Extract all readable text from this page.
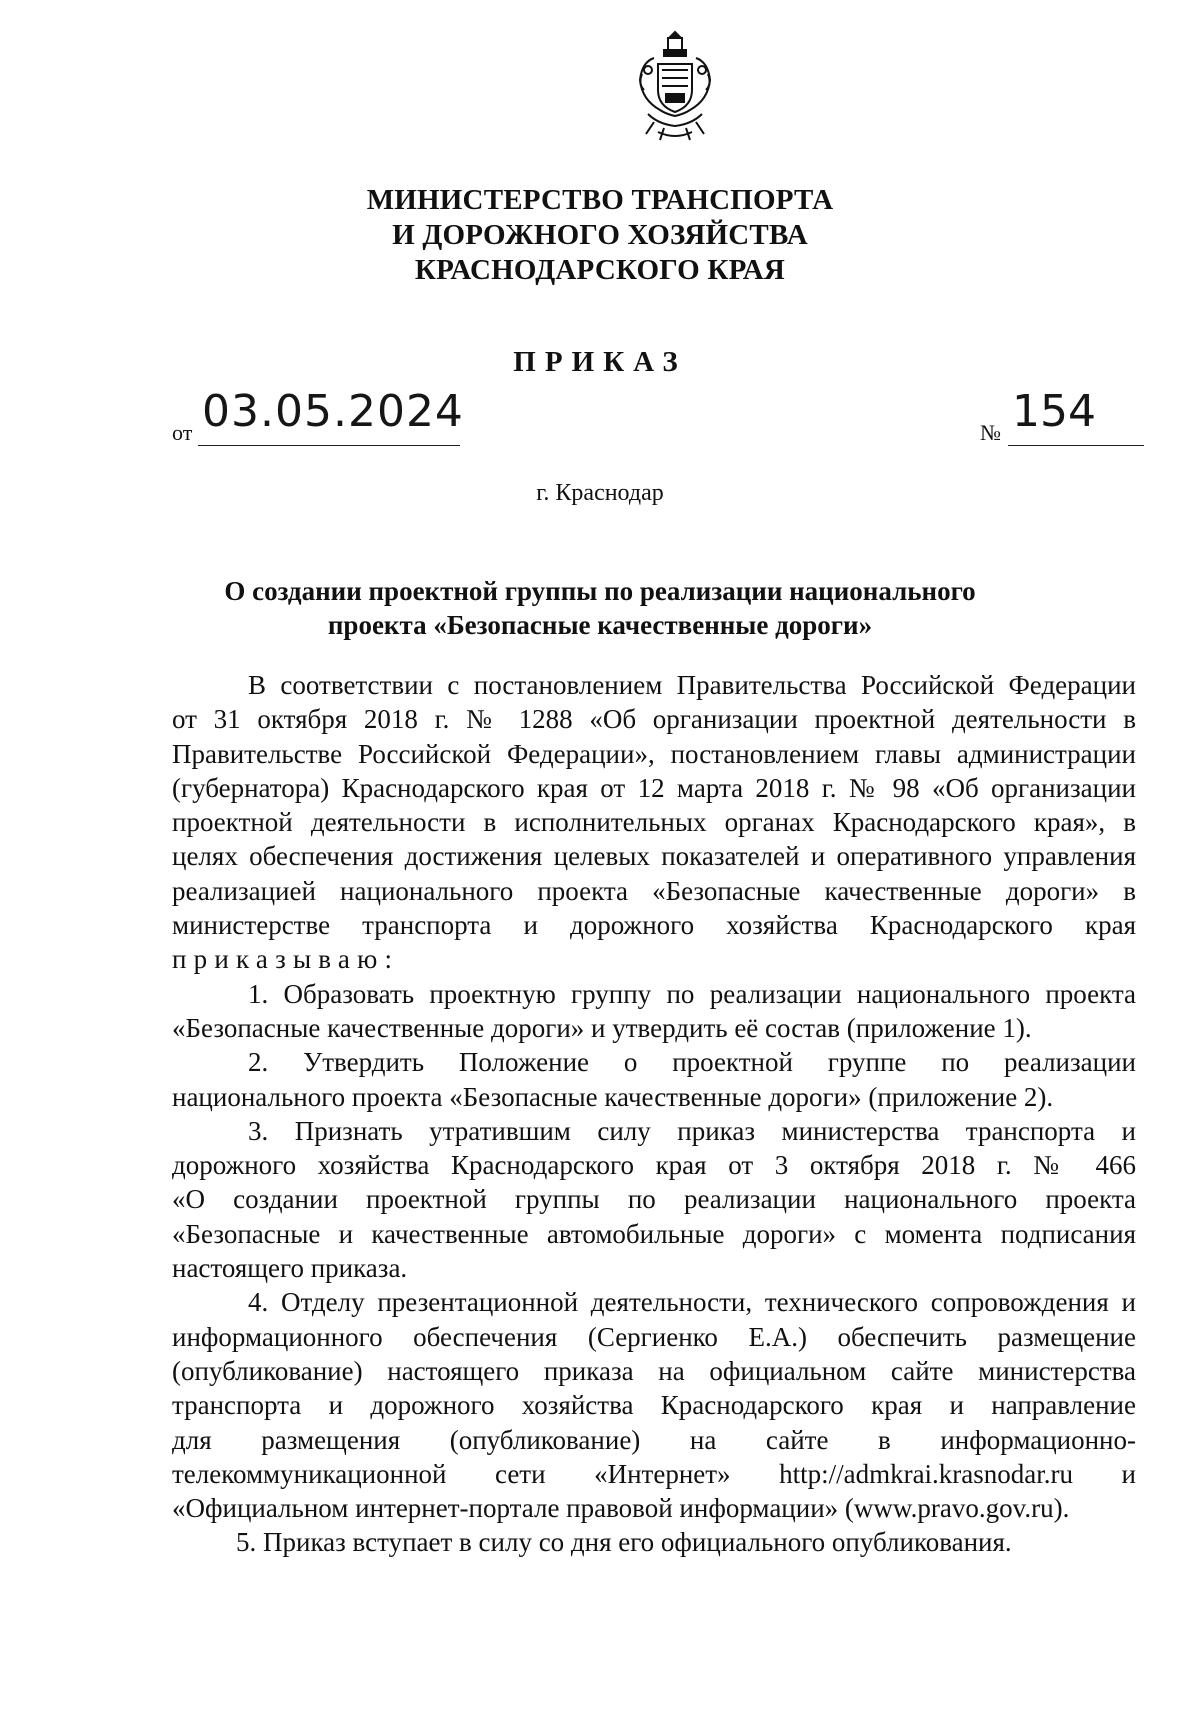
МИНИСТЕРСТВО ТРАНСПОРТА
И ДОРОЖНОГО ХОЗЯЙСТВА
КРАСНОДАРСКОГО КРАЯ
ПРИКАЗ
от 03.05.2024	№ 154
г. Краснодар
О создании проектной группы по реализации национального
проекта «Безопасные качественные дороги»
В соответствии с постановлением Правительства Российской Федерации
от 31 октября 2018 г. № 1288 «Об организации проектной деятельности в
Правительстве Российской Федерации», постановлением главы администрации
(губернатора) Краснодарского края от 12 марта 2018 г. № 98 «Об организации
проектной деятельности в исполнительных органах Краснодарского края», в
целях обеспечения достижения целевых показателей и оперативного управления
реализацией национального проекта «Безопасные качественные дороги» в
министерстве транспорта и дорожного хозяйства Краснодарского края
приказываю:
1. Образовать проектную группу по реализации национального проекта
«Безопасные качественные дороги» и утвердить её состав (приложение 1).
2. Утвердить Положение о проектной группе по реализации
национального проекта «Безопасные качественные дороги» (приложение 2).
3. Признать утратившим силу приказ министерства транспорта и
дорожного хозяйства Краснодарского края от 3 октября 2018 г. № 466
«О создании проектной группы по реализации национального проекта
«Безопасные и качественные автомобильные дороги» с момента подписания
настоящего приказа.
4. Отделу презентационной деятельности, технического сопровождения и
информационного обеспечения (Сергиенко Е.А.) обеспечить размещение
(опубликование) настоящего приказа на официальном сайте министерства
транспорта и дорожного хозяйства Краснодарского края и направление
для размещения (опубликование) на сайте в информационно-
телекоммуникационной сети «Интернет» http://admkrai.krasnodar.ru и
«Официальном интернет-портале правовой информации» (www.pravo.gov.ru).
5. Приказ вступает в силу со дня его официального опубликования.
